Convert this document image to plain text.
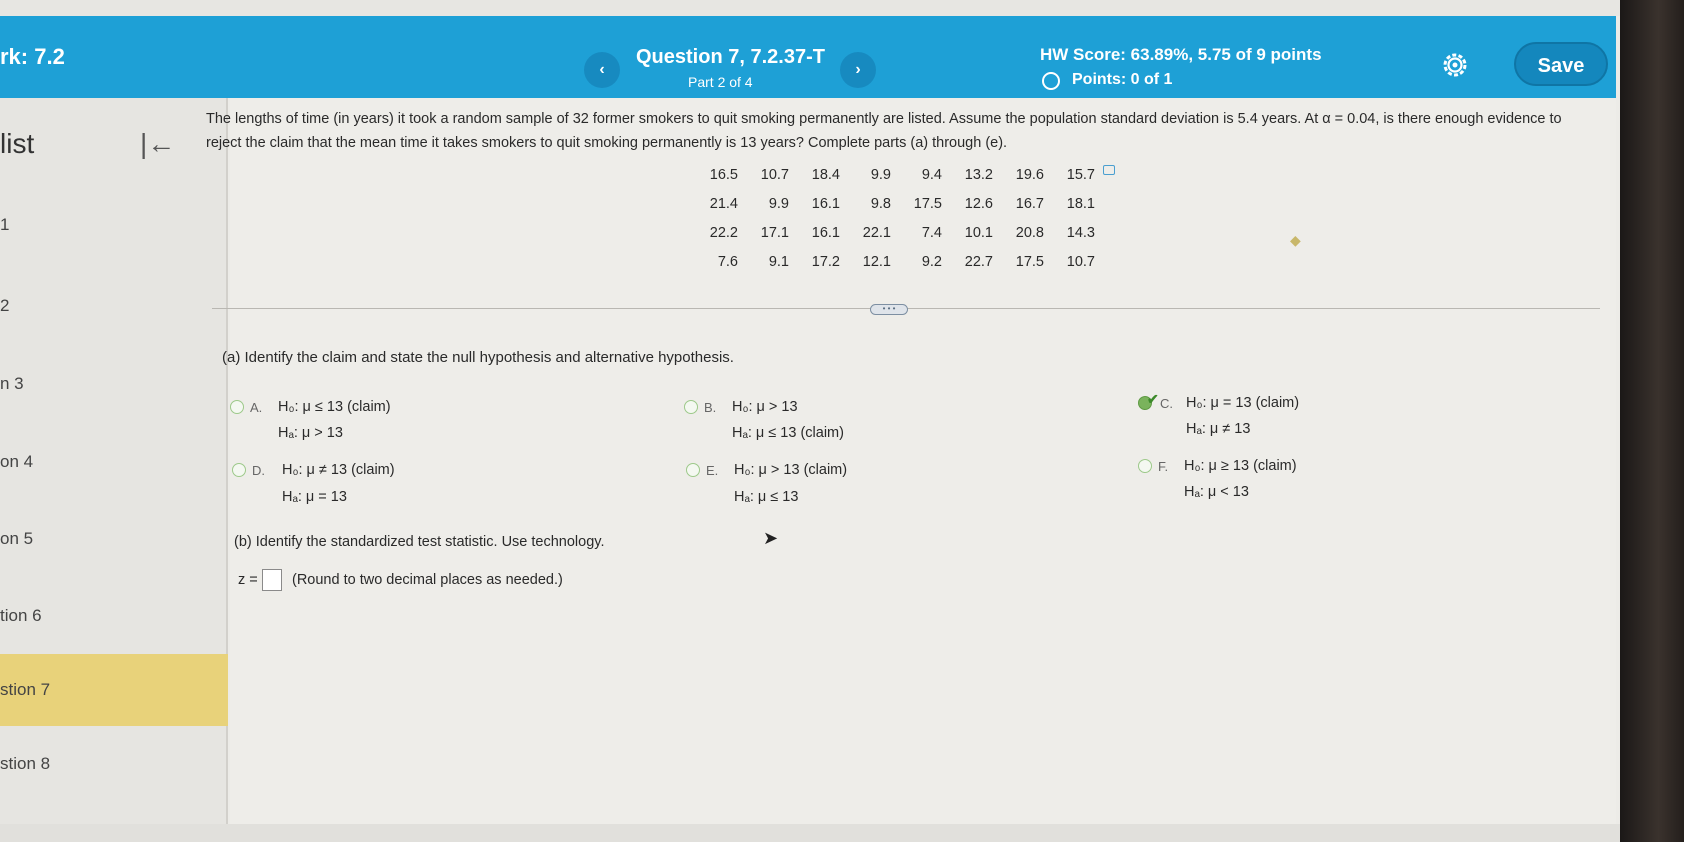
rk: 7.2
‹
Question 7, 7.2.37-T
Part 2 of 4
›
HW Score: 63.89%, 5.75 of 9 points
Points: 0 of 1
Save
list	|←
1
2
n 3
on 4
on 5
tion 6
stion 7
stion 8
The lengths of time (in years) it took a random sample of 32 former smokers to quit smoking permanently are listed. Assume the population standard deviation is 5.4 years. At α = 0.04, is there enough evidence to reject the claim that the mean time it takes smokers to quit smoking permanently is 13 years? Complete parts (a) through (e).
16.5	10.7	18.4	9.9	9.4	13.2	19.6	15.7
21.4	9.9	16.1	9.8	17.5	12.6	16.7	18.1
22.2	17.1	16.1	22.1	7.4	10.1	20.8	14.3
7.6	9.1	17.2	12.1	9.2	22.7	17.5	10.7
◆
• • •
(a) Identify the claim and state the null hypothesis and alternative hypothesis.
A. H₀: μ ≤ 13 (claim)
Hₐ: μ > 13
B. H₀: μ > 13
Hₐ: μ ≤ 13 (claim)
✔ C. H₀: μ = 13 (claim)
Hₐ: μ ≠ 13
D. H₀: μ ≠ 13 (claim)
Hₐ: μ = 13
E. H₀: μ > 13 (claim)
Hₐ: μ ≤ 13
F. H₀: μ ≥ 13 (claim)
Hₐ: μ < 13
(b) Identify the standardized test statistic. Use technology.
z = (Round to two decimal places as needed.)
➤
